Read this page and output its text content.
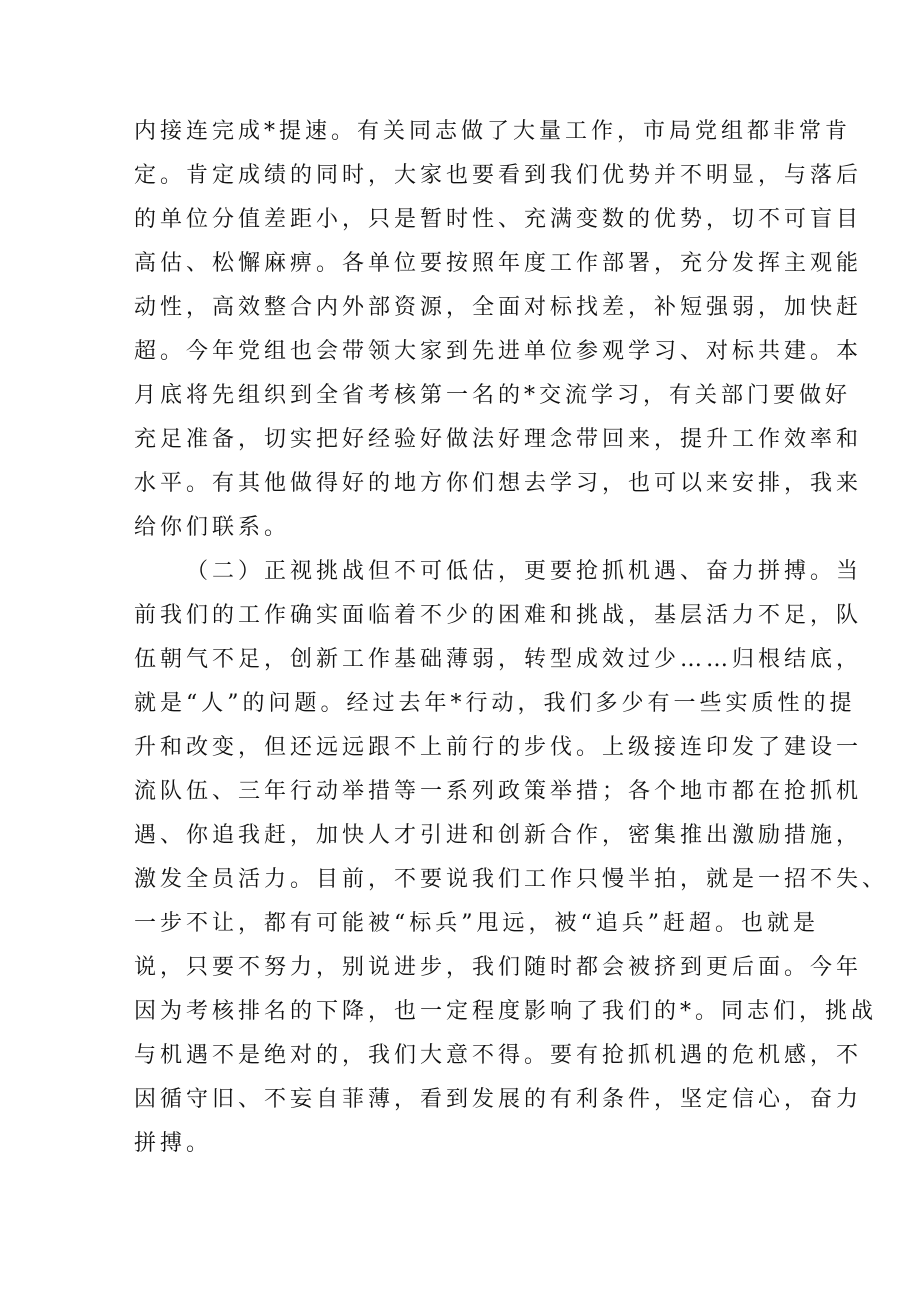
内接连完成*提速。有关同志做了大量工作，市局党组都非常肯
定。肯定成绩的同时，大家也要看到我们优势并不明显，与落后
的单位分值差距小，只是暂时性、充满变数的优势，切不可盲目
高估、松懈麻痹。各单位要按照年度工作部署，充分发挥主观能
动性，高效整合内外部资源，全面对标找差，补短强弱，加快赶
超。今年党组也会带领大家到先进单位参观学习、对标共建。本
月底将先组织到全省考核第一名的*交流学习，有关部门要做好
充足准备，切实把好经验好做法好理念带回来，提升工作效率和
水平。有其他做得好的地方你们想去学习，也可以来安排，我来
给你们联系。
（二）正视挑战但不可低估，更要抢抓机遇、奋力拼搏。当
前我们的工作确实面临着不少的困难和挑战，基层活力不足，队
伍朝气不足，创新工作基础薄弱，转型成效过少……归根结底，
就是“人”的问题。经过去年*行动，我们多少有一些实质性的提
升和改变，但还远远跟不上前行的步伐。上级接连印发了建设一
流队伍、三年行动举措等一系列政策举措；各个地市都在抢抓机
遇、你追我赶，加快人才引进和创新合作，密集推出激励措施，
激发全员活力。目前，不要说我们工作只慢半拍，就是一招不失、
一步不让，都有可能被“标兵”甩远，被“追兵”赶超。也就是
说，只要不努力，别说进步，我们随时都会被挤到更后面。今年
因为考核排名的下降，也一定程度影响了我们的*。同志们，挑战
与机遇不是绝对的，我们大意不得。要有抢抓机遇的危机感，不
因循守旧、不妄自菲薄，看到发展的有利条件，坚定信心，奋力
拼搏。
